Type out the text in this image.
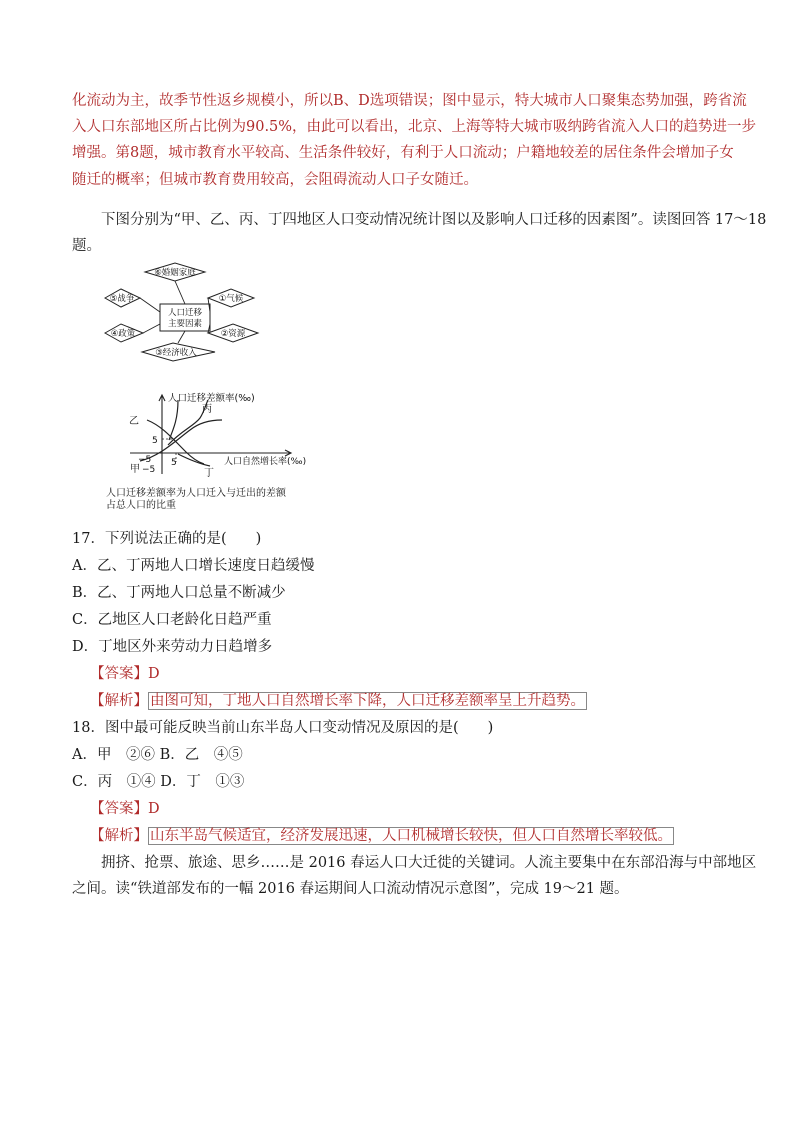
化流动为主，故季节性返乡规模小，所以B、D选项错误；图中显示，特大城市人口聚集态势加强，跨省流
入人口东部地区所占比例为90.5%，由此可以看出，北京、上海等特大城市吸纳跨省流入人口的趋势进一步
增强。第8题，城市教育水平较高、生活条件较好，有利于人口流动；户籍地较差的居住条件会增加子女
随迁的概率；但城市教育费用较高，会阻碍流动人口子女随迁。
下图分别为“甲、乙、丙、丁四地区人口变动情况统计图以及影响人口迁移的因素图”。读图回答 17～18
题。
⑥婚姻家庭
⑤战争	①气候
④政策	②资源
③经济收入
人口迁移
主要因素
人口迁移差额率(‰)
人口自然增长率(‰)
乙
丙
甲	丁
5
5
−5
−5
人口迁移差额率为人口迁入与迁出的差额
占总人口的比重
17．下列说法正确的是(　　)
A．乙、丁两地人口增长速度日趋缓慢
B．乙、丁两地人口总量不断减少
C．乙地区人口老龄化日趋严重
D．丁地区外来劳动力日趋增多
【答案】D
【解析】 由图可知，丁地人口自然增长率下降，人口迁移差额率呈上升趋势。
18．图中最可能反映当前山东半岛人口变动情况及原因的是(　　)
A．甲　②⑥ B．乙　④⑤
C．丙　①④ D．丁　①③
【答案】D
【解析】 山东半岛气候适宜，经济发展迅速，人口机械增长较快，但人口自然增长率较低。
拥挤、抢票、旅途、思乡……是 2016 春运人口大迁徙的关键词。人流主要集中在东部沿海与中部地区
之间。读“铁道部发布的一幅 2016 春运期间人口流动情况示意图”，完成 19～21 题。
